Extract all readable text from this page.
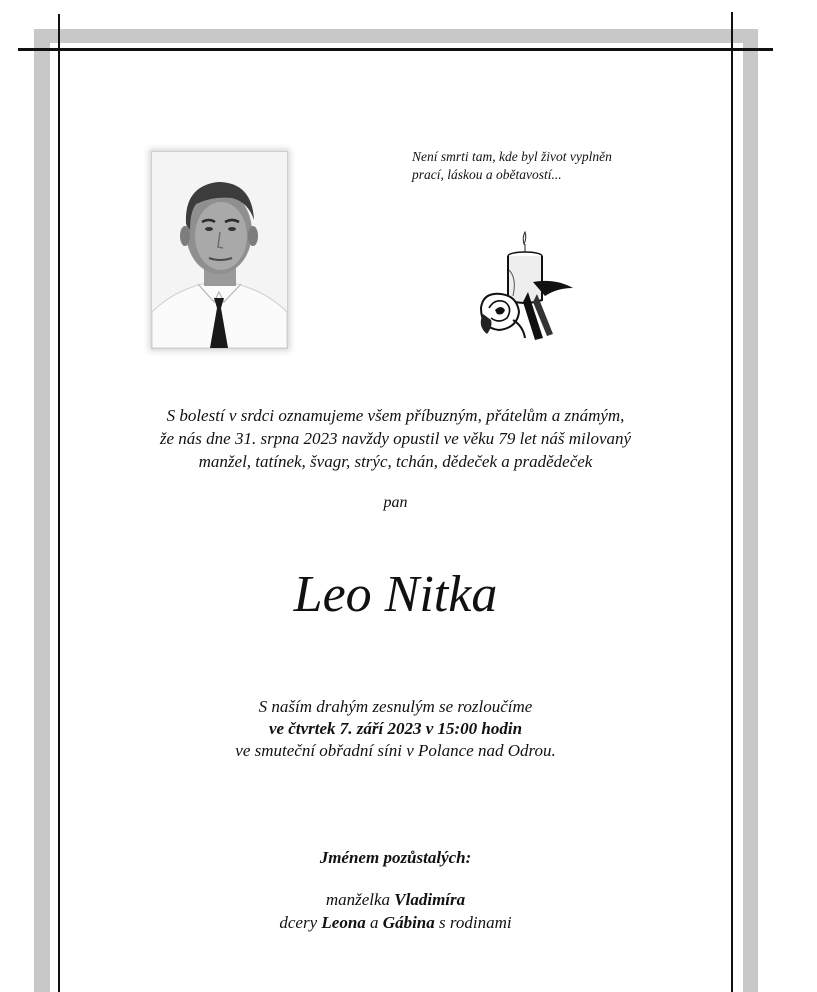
Není smrti tam, kde byl život vyplněn
prací, láskou a obětavostí...
S bolestí v srdci oznamujeme všem příbuzným, přátelům a známým,
že nás dne 31. srpna 2023 navždy opustil ve věku 79 let náš milovaný
manžel, tatínek, švagr, strýc, tchán, dědeček a pradědeček
pan
Leo Nitka
S naším drahým zesnulým se rozloučíme
ve čtvrtek 7. září 2023 v 15:00 hodin
ve smuteční obřadní síni v Polance nad Odrou.
Jménem pozůstalých:
manželka Vladimíra
dcery Leona a Gábina s rodinami
